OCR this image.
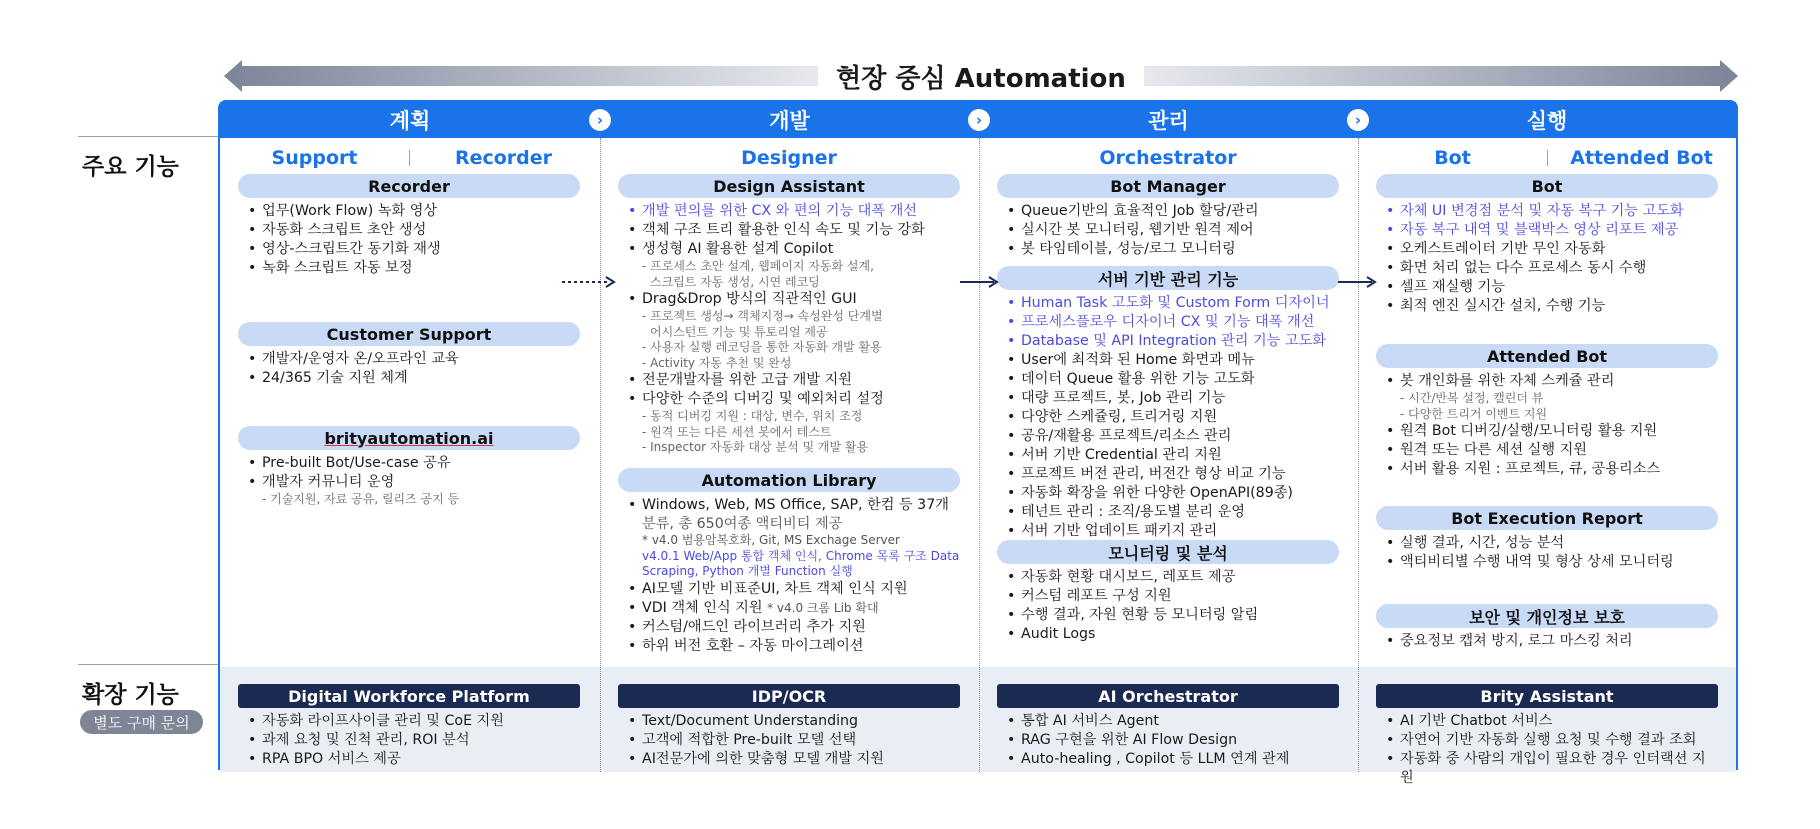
현장 중심 Automation
주요 기능
확장 기능
별도 구매 문의
계획	개발	관리	실행
›	›	›
Support	Recorder
Recorder
• 업무(Work Flow) 녹화 영상
• 자동화 스크립트 초안 생성
• 영상-스크립트간 동기화 재생
• 녹화 스크립트 자동 보정
Customer Support
• 개발자/운영자 온/오프라인 교육
• 24/365 기술 지원 체계
brityautomation.ai
• Pre-built Bot/Use-case 공유
• 개발자 커뮤니티 운영
- 기술지원, 자료 공유, 릴리즈 공지 등
Digital Workforce Platform
• 자동화 라이프사이클 관리 및 CoE 지원
• 과제 요청 및 진척 관리, ROI 분석
• RPA BPO 서비스 제공
Designer
Design Assistant
• 개발 편의를 위한 CX 와 편의 기능 대폭 개선
• 객체 구조 트리 활용한 인식 속도 및 기능 강화
• 생성형 AI 활용한 설계 Copilot
- 프로세스 초안 설계, 웹페이지 자동화 설계,
스크립트 자동 생성, 시연 레코딩
• Drag&Drop 방식의 직관적인 GUI
- 프로젝트 생성→ 객체지정→ 속성완성 단계별
어시스턴트 기능 및 튜토리얼 제공
- 사용자 실행 레코딩을 통한 자동화 개발 활용
- Activity 자동 추천 및 완성
• 전문개발자를 위한 고급 개발 지원
• 다양한 수준의 디버깅 및 예외처리 설정
- 동적 디버깅 지원 : 대상, 변수, 위치 조정
- 원격 또는 다른 세션 봇에서 테스트
- Inspector 자동화 대상 분석 및 개발 활용
Automation Library
• Windows, Web, MS Office, SAP, 한컴 등 37개
분류, 총 650여종 액티비티 제공
* v4.0 범용암복호화, Git, MS Exchage Server
v4.0.1 Web/App 통합 객체 인식, Chrome 목록 구조 Data
Scraping, Python 개별 Function 실행
• AI모델 기반 비표준UI, 차트 객체 인식 지원
• VDI 객체 인식 지원 * v4.0 크롬 Lib 확대
• 커스텀/애드인 라이브러리 추가 지원
• 하위 버전 호환 – 자동 마이그레이션
IDP/OCR
• Text/Document Understanding
• 고객에 적합한 Pre-built 모델 선택
• AI전문가에 의한 맞춤형 모델 개발 지원
Orchestrator
Bot Manager
• Queue기반의 효율적인 Job 할당/관리
• 실시간 봇 모니터링, 웹기반 원격 제어
• 봇 타임테이블, 성능/로그 모니터링
서버 기반 관리 기능
• Human Task 고도화 및 Custom Form 디자이너
• 프로세스플로우 디자이너 CX 및 기능 대폭 개선
• Database 및 API Integration 관리 기능 고도화
• User에 최적화 된 Home 화면과 메뉴
• 데이터 Queue 활용 위한 기능 고도화
• 대량 프로젝트, 봇, Job 관리 기능
• 다양한 스케쥴링, 트리거링 지원
• 공유/재활용 프로젝트/리소스 관리
• 서버 기반 Credential 관리 지원
• 프로젝트 버전 관리, 버전간 형상 비교 기능
• 자동화 확장을 위한 다양한 OpenAPI(89종)
• 테넌트 관리 : 조직/용도별 분리 운영
• 서버 기반 업데이트 패키지 관리
모니터링 및 분석
• 자동화 현황 대시보드, 레포트 제공
• 커스텀 레포트 구성 지원
• 수행 결과, 자원 현황 등 모니터링 알림
• Audit Logs
AI Orchestrator
• 통합 AI 서비스 Agent
• RAG 구현을 위한 AI Flow Design
• Auto-healing , Copilot 등 LLM 연계 관제
Bot	Attended Bot
Bot
• 자체 UI 변경점 분석 및 자동 복구 기능 고도화
• 자동 복구 내역 및 블랙박스 영상 리포트 제공
• 오케스트레이터 기반 무인 자동화
• 화면 처리 없는 다수 프로세스 동시 수행
• 셀프 재실행 기능
• 최적 엔진 실시간 설치, 수행 기능
Attended Bot
• 봇 개인화를 위한 자체 스케쥴 관리
- 시간/반복 설정, 캘린더 뷰
- 다양한 트리거 이벤트 지원
• 원격 Bot 디버깅/실행/모니터링 활용 지원
• 원격 또는 다른 세션 실행 지원
• 서버 활용 지원 : 프로젝트, 큐, 공용리소스
Bot Execution Report
• 실행 결과, 시간, 성능 분석
• 액티비티별 수행 내역 및 형상 상세 모니터링
보안 및 개인정보 보호
• 중요정보 캡쳐 방지, 로그 마스킹 처리
Brity Assistant
• AI 기반 Chatbot 서비스
• 자연어 기반 자동화 실행 요청 및 수행 결과 조회
• 자동화 중 사람의 개입이 필요한 경우 인터랙션 지원
